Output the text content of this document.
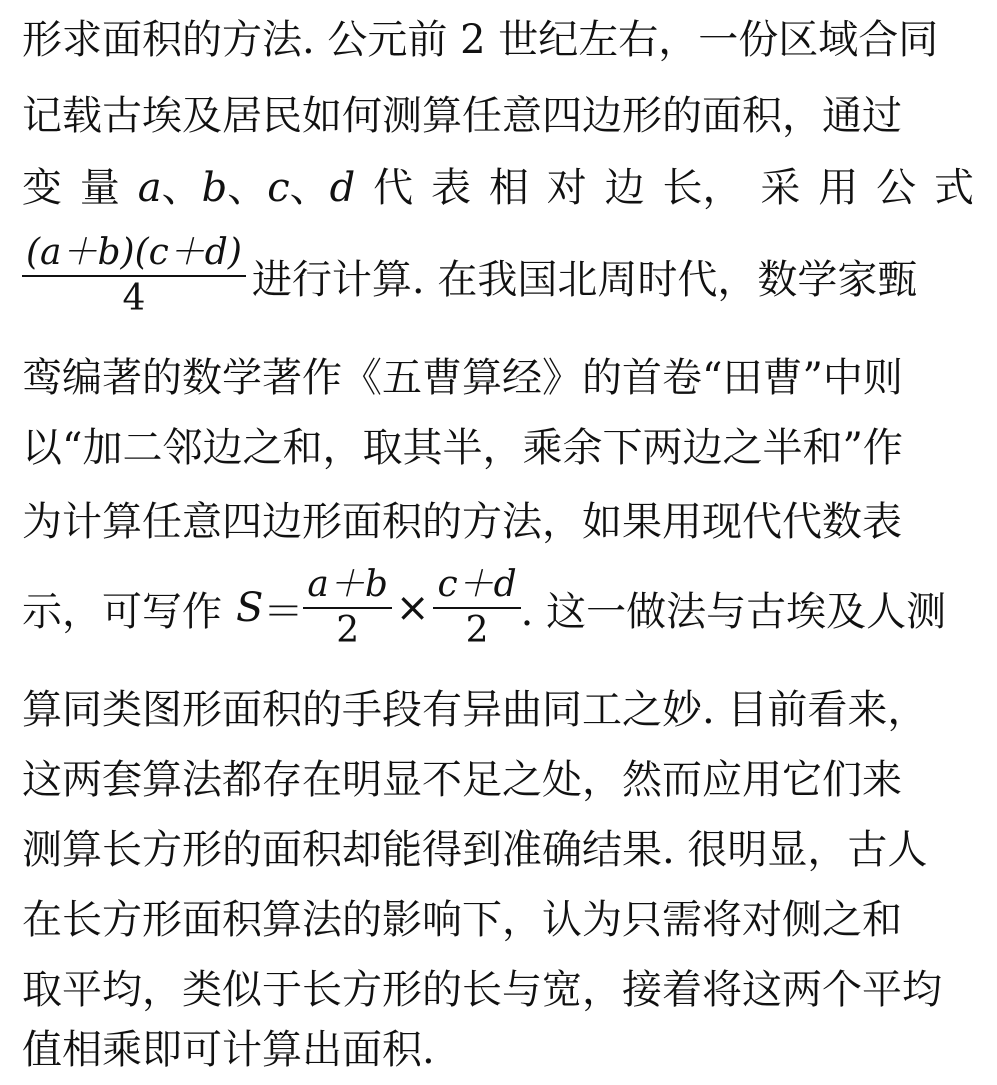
形求面积的方法. 公元前 2 世纪左右，一份区域合同
记载古埃及居民如何测算任意四边形的面积，通过
变 量 a、b、c、d 代 表 相 对 边 长， 采 用 公 式
$\frac{(a+b)(c+d)}{4}$ 进行计算. 在我国北周时代，数学家甄
鸾编著的数学著作《五曹算经》的首卷“田曹”中则
以“加二邻边之和，取其半，乘余下两边之半和”作
为计算任意四边形面积的方法，如果用现代代数表
示，可写作 $S = \frac{a+b}{2} \times \frac{c+d}{2}$ . 这一做法与古埃及人测
算同类图形面积的手段有异曲同工之妙. 目前看来，
这两套算法都存在明显不足之处，然而应用它们来
测算长方形的面积却能得到准确结果. 很明显，古人
在长方形面积算法的影响下，认为只需将对侧之和
取平均，类似于长方形的长与宽，接着将这两个平均
值相乘即可计算出面积.
